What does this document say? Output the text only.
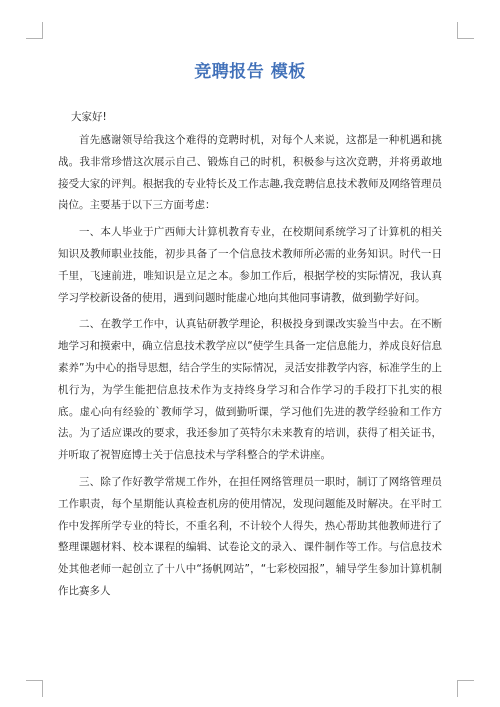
竞聘报告 模板
大家好!

首先感谢领导给我这个难得的竞聘时机，对每个人来说，这都是一种机遇和挑战。我非常珍惜这次展示自己、锻炼自己的时机，积极参与这次竞聘，并将勇敢地接受大家的评判。根据我的专业特长及工作志趣,我竞聘信息技术教师及网络管理员岗位。主要基于以下三方面考虑：

一、本人毕业于广西师大计算机教育专业，在校期间系统学习了计算机的相关知识及教师职业技能，初步具备了一个信息技术教师所必需的业务知识。时代一日千里，飞速前进，唯知识是立足之本。参加工作后，根据学校的实际情况，我认真学习学校新设备的使用，遇到问题时能虚心地向其他同事请教，做到勤学好问。

二、在教学工作中，认真钻研教学理论，积极投身到课改实验当中去。在不断地学习和摸索中，确立信息技术教学应以“使学生具备一定信息能力，养成良好信息素养”为中心的指导思想，结合学生的实际情况，灵活安排教学内容，标准学生的上机行为，为学生能把信息技术作为支持终身学习和合作学习的手段打下扎实的根底。虚心向有经验的`教师学习，做到勤听课，学习他们先进的教学经验和工作方法。为了适应课改的要求，我还参加了英特尔未来教育的培训，获得了相关证书，并听取了祝智庭博士关于信息技术与学科整合的学术讲座。

三、除了作好教学常规工作外，在担任网络管理员一职时，制订了网络管理员工作职责，每个星期能认真检查机房的使用情况，发现问题能及时解决。在平时工作中发挥所学专业的特长，不重名利，不计较个人得失，热心帮助其他教师进行了整理课题材料、校本课程的编辑、试卷论文的录入、课件制作等工作。与信息技术处其他老师一起创立了十八中“扬帆网站”，“七彩校园报”，辅导学生参加计算机制作比赛多人
